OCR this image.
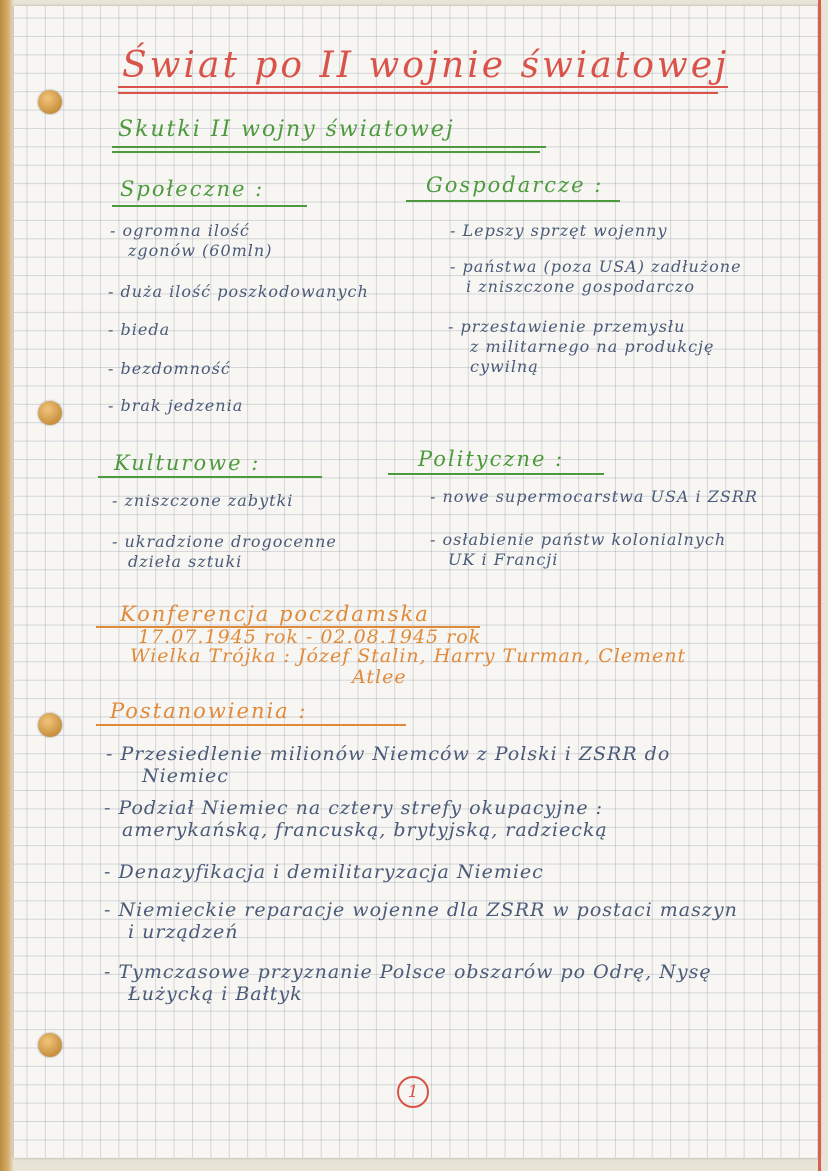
Świat po II wojnie światowej
Skutki II wojny światowej
Społeczne :
- ogromna ilość
zgonów (60mln)
- duża ilość poszkodowanych
- bieda
- bezdomność
- brak jedzenia
Gospodarcze :
- Lepszy sprzęt wojenny
- państwa (poza USA) zadłużone
i zniszczone gospodarczo
- przestawienie przemysłu
z militarnego na produkcję
cywilną
Kulturowe :
- zniszczone zabytki
- ukradzione drogocenne
dzieła sztuki
Polityczne :
- nowe supermocarstwa USA i ZSRR
- osłabienie państw kolonialnych
UK i Francji
Konferencja poczdamska
17.07.1945 rok - 02.08.1945 rok
Wielka Trójka : Józef Stalin, Harry Turman, Clement
Atlee
Postanowienia :
- Przesiedlenie milionów Niemców z Polski i ZSRR do
Niemiec
- Podział Niemiec na cztery strefy okupacyjne :
amerykańską, francuską, brytyjską, radziecką
- Denazyfikacja i demilitaryzacja Niemiec
- Niemieckie reparacje wojenne dla ZSRR w postaci maszyn
i urządzeń
- Tymczasowe przyznanie Polsce obszarów po Odrę, Nysę
Łużycką i Bałtyk
1
